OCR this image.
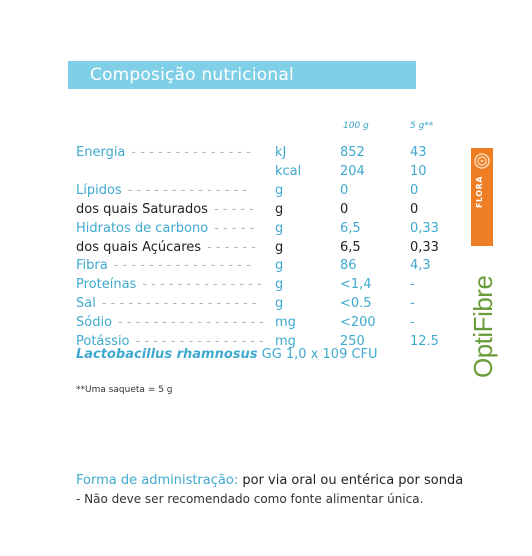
Composição nutricional
100 g	5 g**
Energia - - - - - - - - - - - - - - kJ	852	43
kcal	204	10
Lípidos - - - - - - - - - - - - - - g	0	0
dos quais Saturados - - - - - g	0	0
Hidratos de carbono - - - - - g	6,5	0,33
dos quais Açúcares - - - - - - g	6,5	0,33
Fibra - - - - - - - - - - - - - - - - g	86	4,3
Proteínas - - - - - - - - - - - - - - g	<1,4	-
Sal - - - - - - - - - - - - - - - - - - g	<0.5	-
Sódio - - - - - - - - - - - - - - - - - mg	<200	-
Potássio - - - - - - - - - - - - - - - mg	250	12.5
Lactobacillus rhamnosus GG 1,0 x 109 CFU
**Uma saqueta = 5 g
Forma de administração: por via oral ou entérica por sonda
- Não deve ser recomendado como fonte alimentar única.
FLORA
OptiFibre
